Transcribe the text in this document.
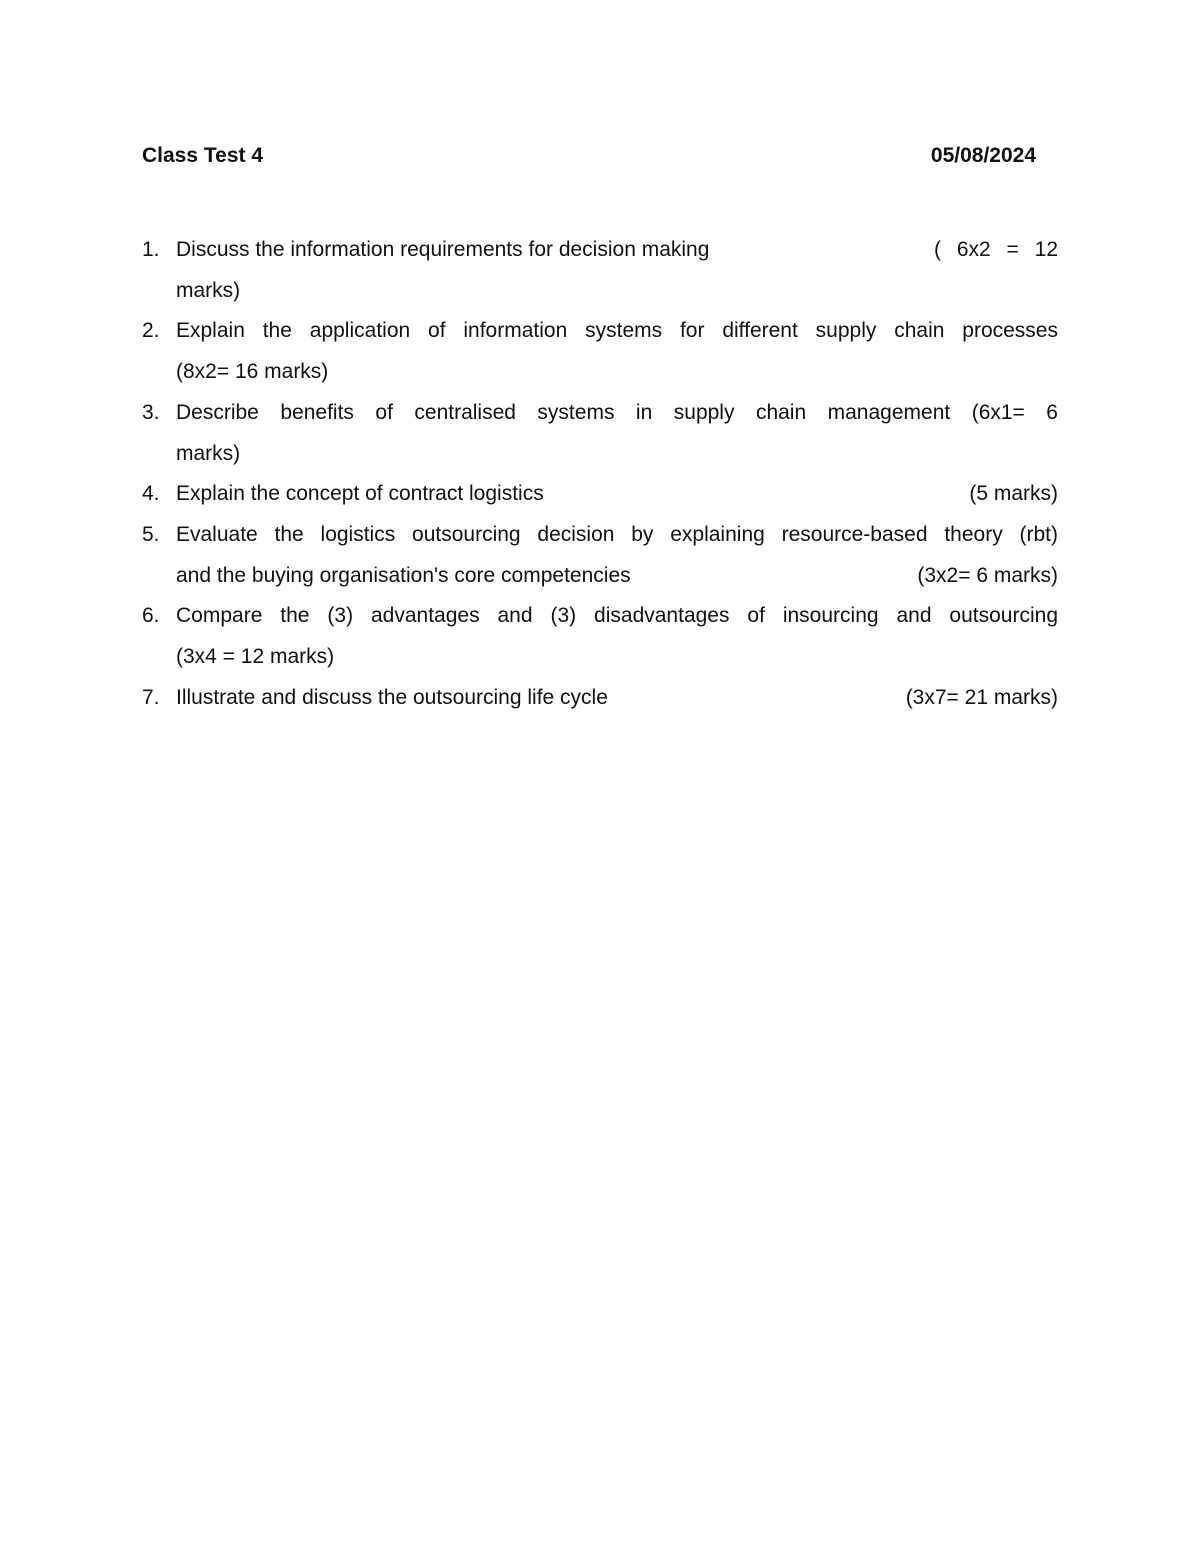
Class Test 4	05/08/2024
1. Discuss the information requirements for decision making	( 6x2 = 12
marks)
2. Explain the application of information systems for different supply chain processes
(8x2= 16 marks)
3. Describe benefits of centralised systems in supply chain management (6x1= 6
marks)
4. Explain the concept of contract logistics	(5 marks)
5. Evaluate the logistics outsourcing decision by explaining resource-based theory (rbt)
and the buying organisation's core competencies	(3x2= 6 marks)
6. Compare the (3) advantages and (3) disadvantages of insourcing and outsourcing
(3x4 = 12 marks)
7. Illustrate and discuss the outsourcing life cycle	(3x7= 21 marks)
